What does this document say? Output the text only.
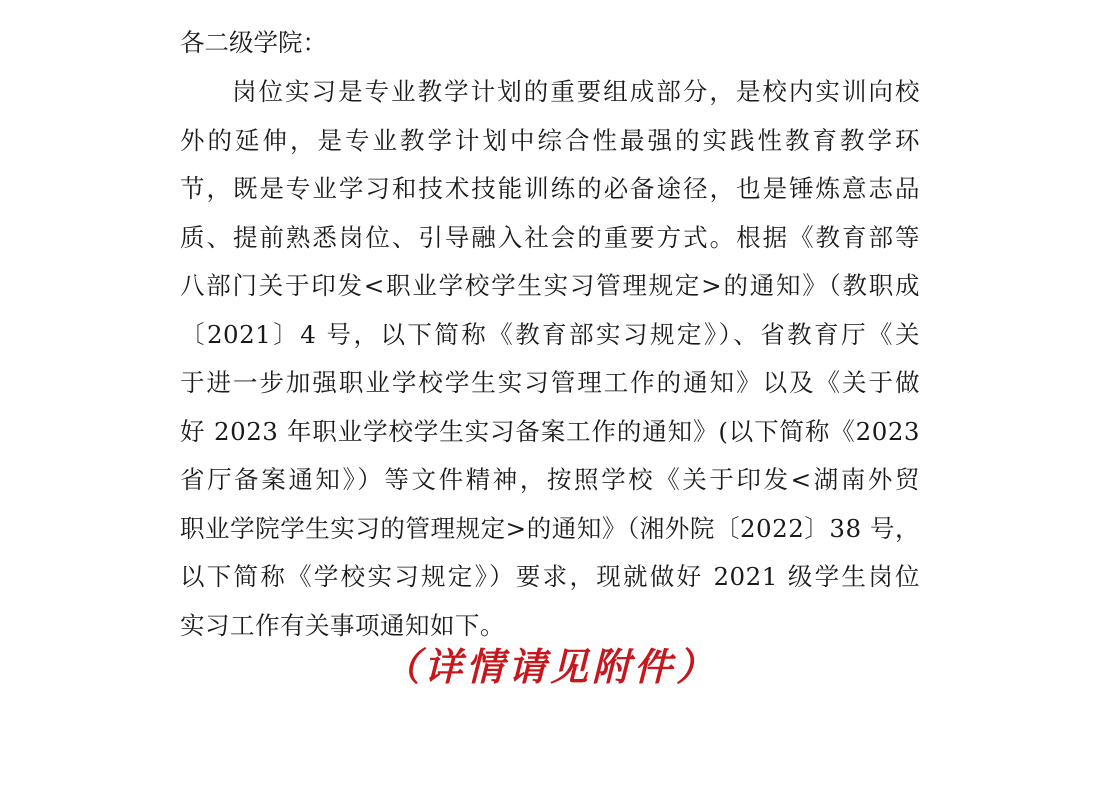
各二级学院：
岗位实习是专业教学计划的重要组成部分，是校内实训向校
外的延伸，是专业教学计划中综合性最强的实践性教育教学环
节，既是专业学习和技术技能训练的必备途径，也是锤炼意志品
质、提前熟悉岗位、引导融入社会的重要方式。根据《教育部等
八部门关于印发<职业学校学生实习管理规定>的通知》（教职成
〔2021〕4 号，以下简称《教育部实习规定》）、省教育厅《关
于进一步加强职业学校学生实习管理工作的通知》以及《关于做
好 2023 年职业学校学生实习备案工作的通知》(以下简称《2023
省厅备案通知》）等文件精神，按照学校《关于印发<湖南外贸
职业学院学生实习的管理规定>的通知》（湘外院〔2022〕38 号，
以下简称《学校实习规定》）要求，现就做好 2021 级学生岗位
实习工作有关事项通知如下。
（详情请见附件）
